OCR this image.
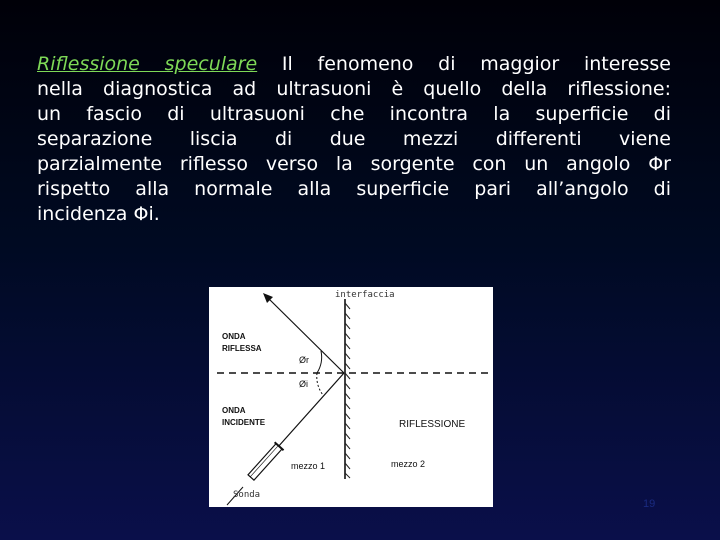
Riflessione speculare Il fenomeno di maggior interesse
nella diagnostica ad ultrasuoni è quello della riflessione:
un fascio di ultrasuoni che incontra la superficie di
separazione liscia di due mezzi differenti viene
parzialmente riflesso verso la sorgente con un angolo Φr
rispetto alla normale alla superficie pari all’angolo di
incidenza Φi.
interfaccia
ONDA
RIFLESSA
Ør
Øi
ONDA
INCIDENTE	RIFLESSIONE
mezzo 1	mezzo 2
Sonda
19
